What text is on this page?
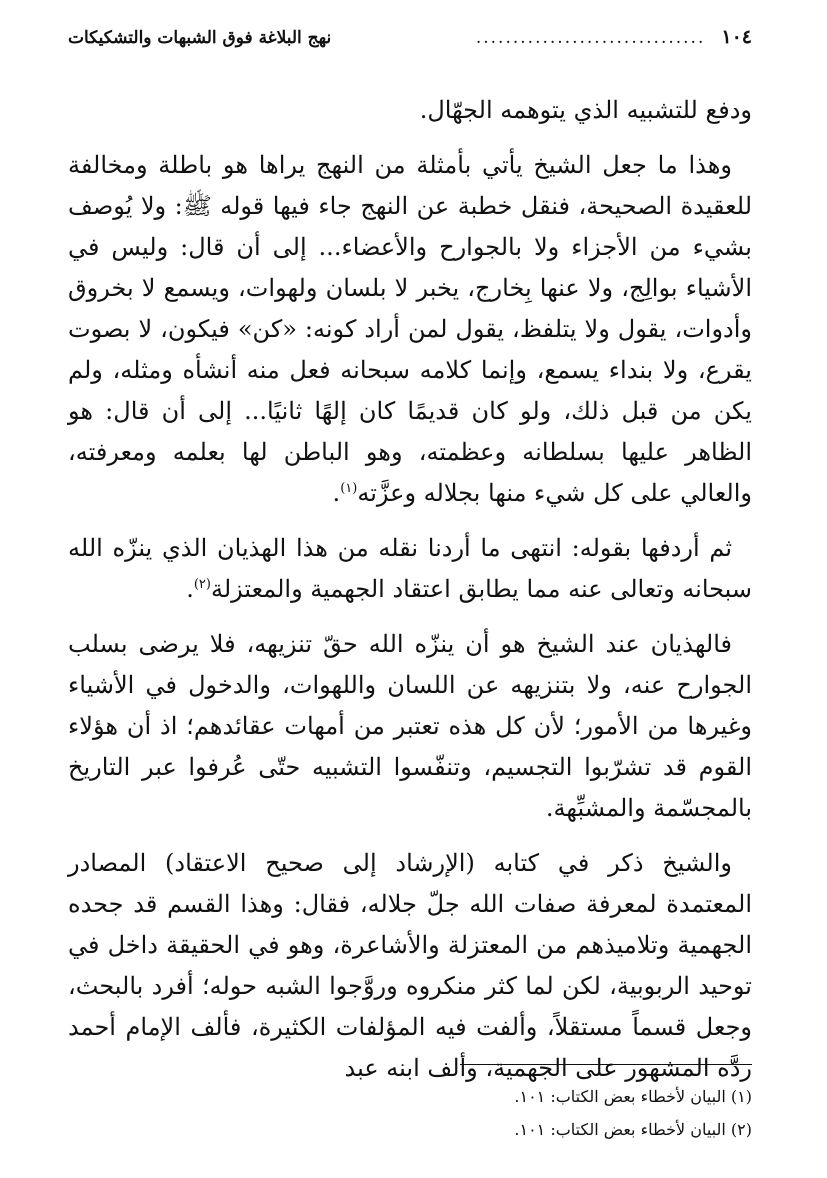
١٠٤
...............................
نهج البلاغة فوق الشبهات والتشكيكات

ودفع للتشبيه الذي يتوهمه الجهّال.

وهذا ما جعل الشيخ يأتي بأمثلة من النهج يراها هو باطلة ومخالفة للعقيدة الصحيحة، فنقل خطبة عن النهج جاء فيها قوله ﷺ: ولا يُوصف بشيء من الأجزاء ولا بالجوارح والأعضاء... إلى أن قال: وليس في الأشياء بوالِج، ولا عنها بِخارج، يخبر لا بلسان ولهوات، ويسمع لا بخروق وأدوات، يقول ولا يتلفظ، يقول لمن أراد كونه: «كن» فيكون، لا بصوت يقرع، ولا بنداء يسمع، وإنما كلامه سبحانه فعل منه أنشأه ومثله، ولم يكن من قبل ذلك، ولو كان قديمًا كان إلهًا ثانيًا... إلى أن قال: هو الظاهر عليها بسلطانه وعظمته، وهو الباطن لها بعلمه ومعرفته، والعالي على كل شيء منها بجلاله وعزَّته$^{(١)}$.

ثم أردفها بقوله: انتهى ما أردنا نقله من هذا الهذيان الذي ينزّه الله سبحانه وتعالى عنه مما يطابق اعتقاد الجهمية والمعتزلة$^{(٢)}$.

فالهذيان عند الشيخ هو أن ينزّه الله حقّ تنزيهه، فلا يرضى بسلب الجوارح عنه، ولا بتنزيهه عن اللسان واللهوات، والدخول في الأشياء وغيرها من الأمور؛ لأن كل هذه تعتبر من أمهات عقائدهم؛ اذ أن هؤلاء القوم قد تشرّبوا التجسيم، وتنفّسوا التشبيه حتّى عُرفوا عبر التاريخ بالمجسّمة والمشبِّهة.

والشيخ ذكر في كتابه (الإرشاد إلى صحيح الاعتقاد) المصادر المعتمدة لمعرفة صفات الله جلّ جلاله، فقال: وهذا القسم قد جحده الجهمية وتلاميذهم من المعتزلة والأشاعرة، وهو في الحقيقة داخل في توحيد الربوبية، لكن لما كثر منكروه وروَّجوا الشبه حوله؛ أفرد بالبحث، وجعل قسماً مستقلاً، وألفت فيه المؤلفات الكثيرة، فألف الإمام أحمد ردَّه المشهور على الجهمية، وألف ابنه عبد

(١) البيان لأخطاء بعض الكتاب: ١٠١.

(٢) البيان لأخطاء بعض الكتاب: ١٠١.
